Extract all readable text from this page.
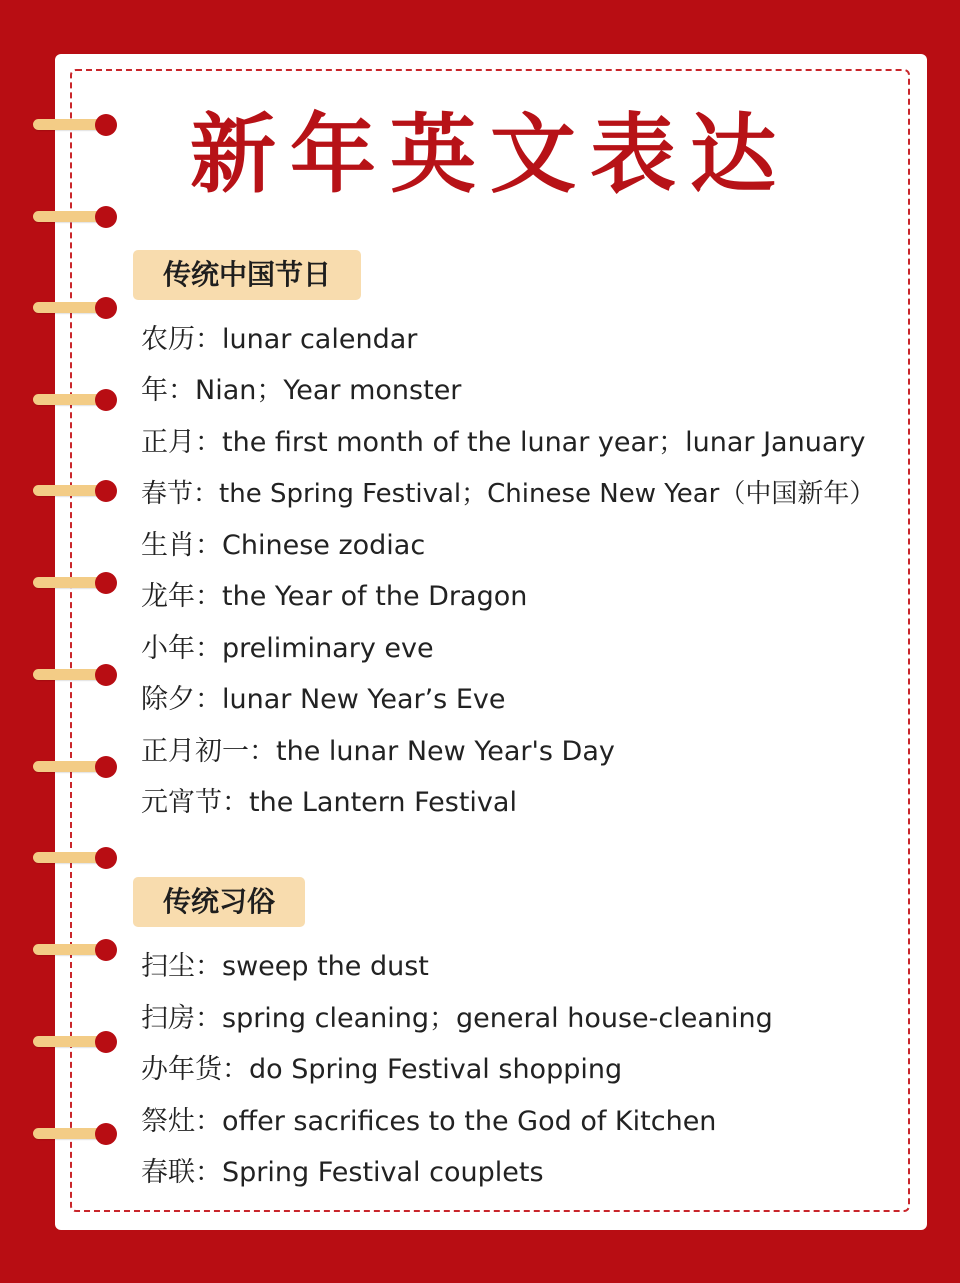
新年英文表达
传统中国节日
农历：lunar calendar
年：Nian；Year monster
正月：the first month of the lunar year；lunar January
春节：the Spring Festival；Chinese New Year（中国新年）
生肖：Chinese zodiac
龙年：the Year of the Dragon
小年：preliminary eve
除夕：lunar New Year’s Eve
正月初一：the lunar New Year's Day
元宵节：the Lantern Festival
传统习俗
扫尘：sweep the dust
扫房：spring cleaning；general house-cleaning
办年货：do Spring Festival shopping
祭灶：offer sacrifices to the God of Kitchen
春联：Spring Festival couplets
